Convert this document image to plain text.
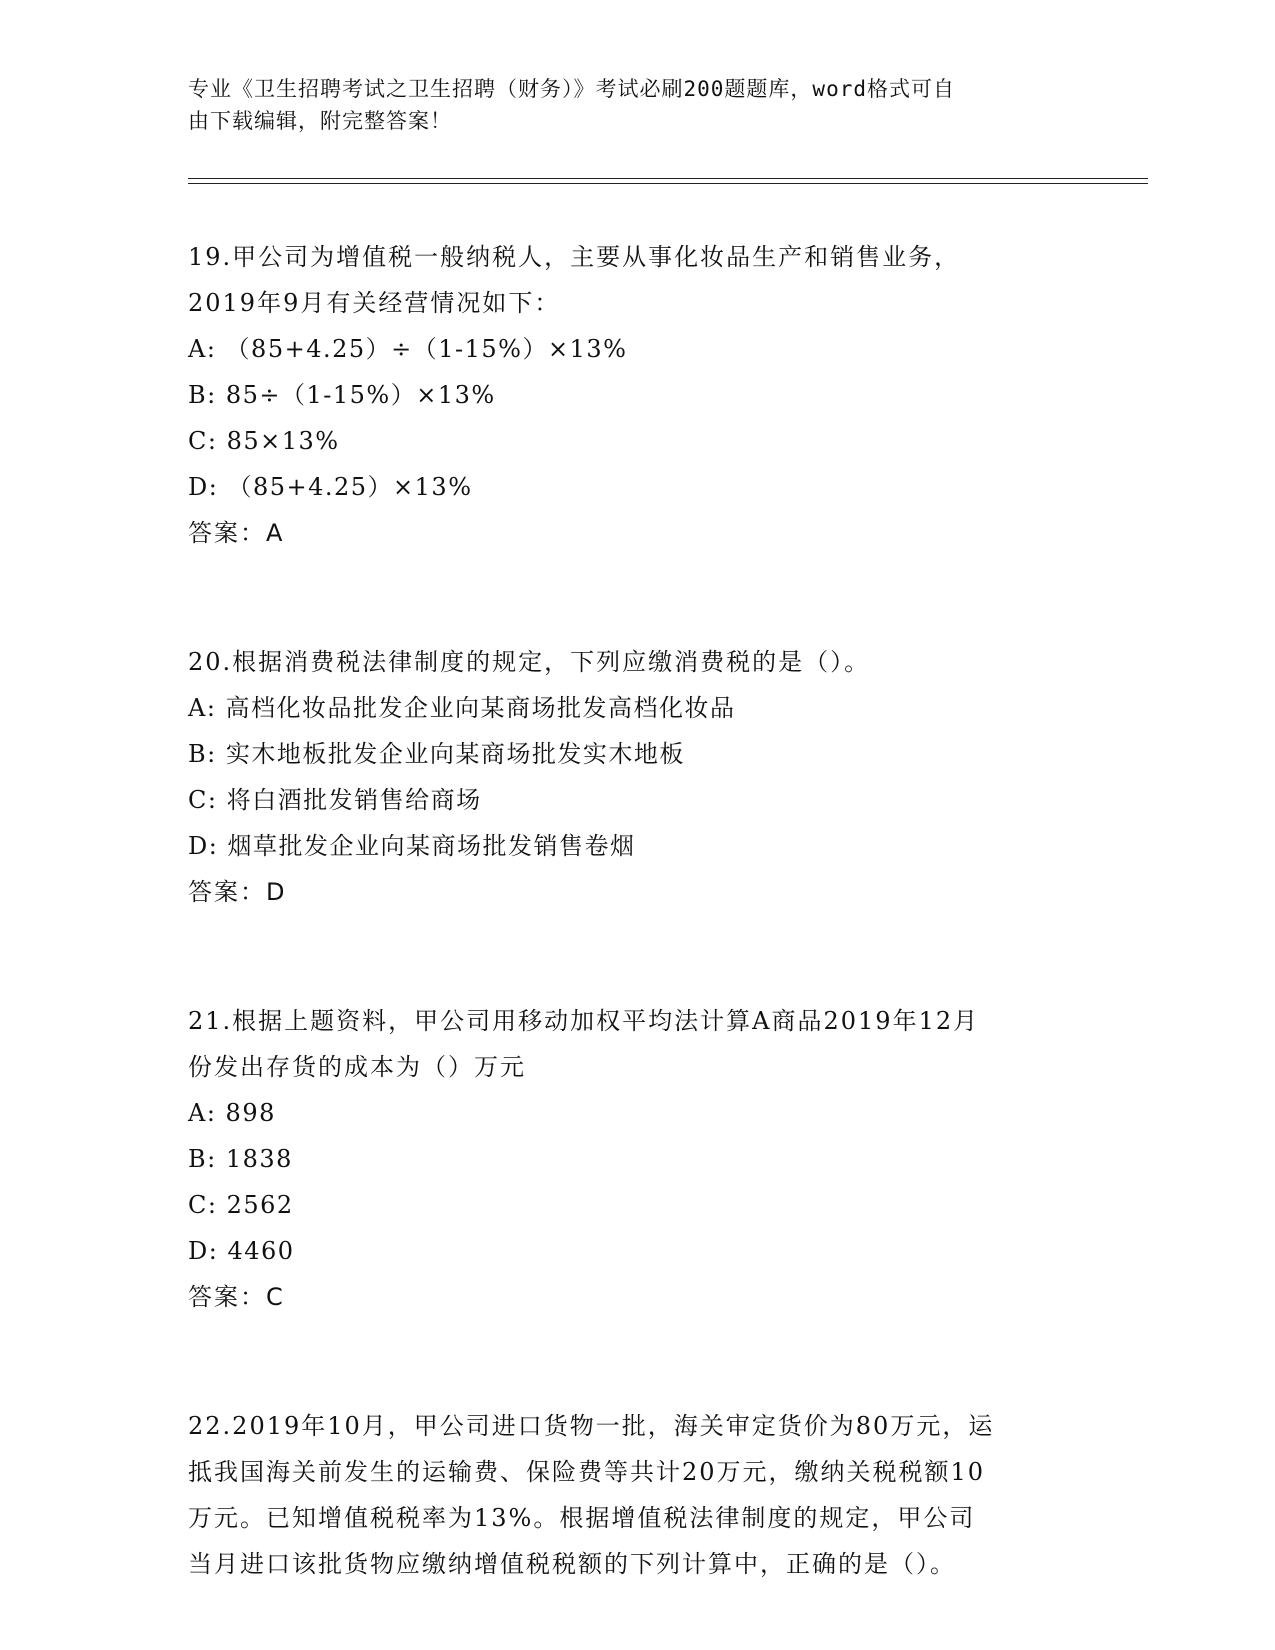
专业《卫生招聘考试之卫生招聘（财务）》考试必刷200题题库，word格式可自
由下载编辑，附完整答案！
19.甲公司为增值税一般纳税人，主要从事化妆品生产和销售业务，
2019年9月有关经营情况如下：
A: （85+4.25）÷（1-15%）×13%
B: 85÷（1-15%）×13%
C: 85×13%
D: （85+4.25）×13%
答案：A
20.根据消费税法律制度的规定，下列应缴消费税的是（）。
A: 高档化妆品批发企业向某商场批发高档化妆品
B: 实木地板批发企业向某商场批发实木地板
C: 将白酒批发销售给商场
D: 烟草批发企业向某商场批发销售卷烟
答案：D
21.根据上题资料，甲公司用移动加权平均法计算A商品2019年12月
份发出存货的成本为（）万元
A: 898
B: 1838
C: 2562
D: 4460
答案：C
22.2019年10月，甲公司进口货物一批，海关审定货价为80万元，运
抵我国海关前发生的运输费、保险费等共计20万元，缴纳关税税额10
万元。已知增值税税率为13%。根据增值税法律制度的规定，甲公司
当月进口该批货物应缴纳增值税税额的下列计算中，正确的是（）。
